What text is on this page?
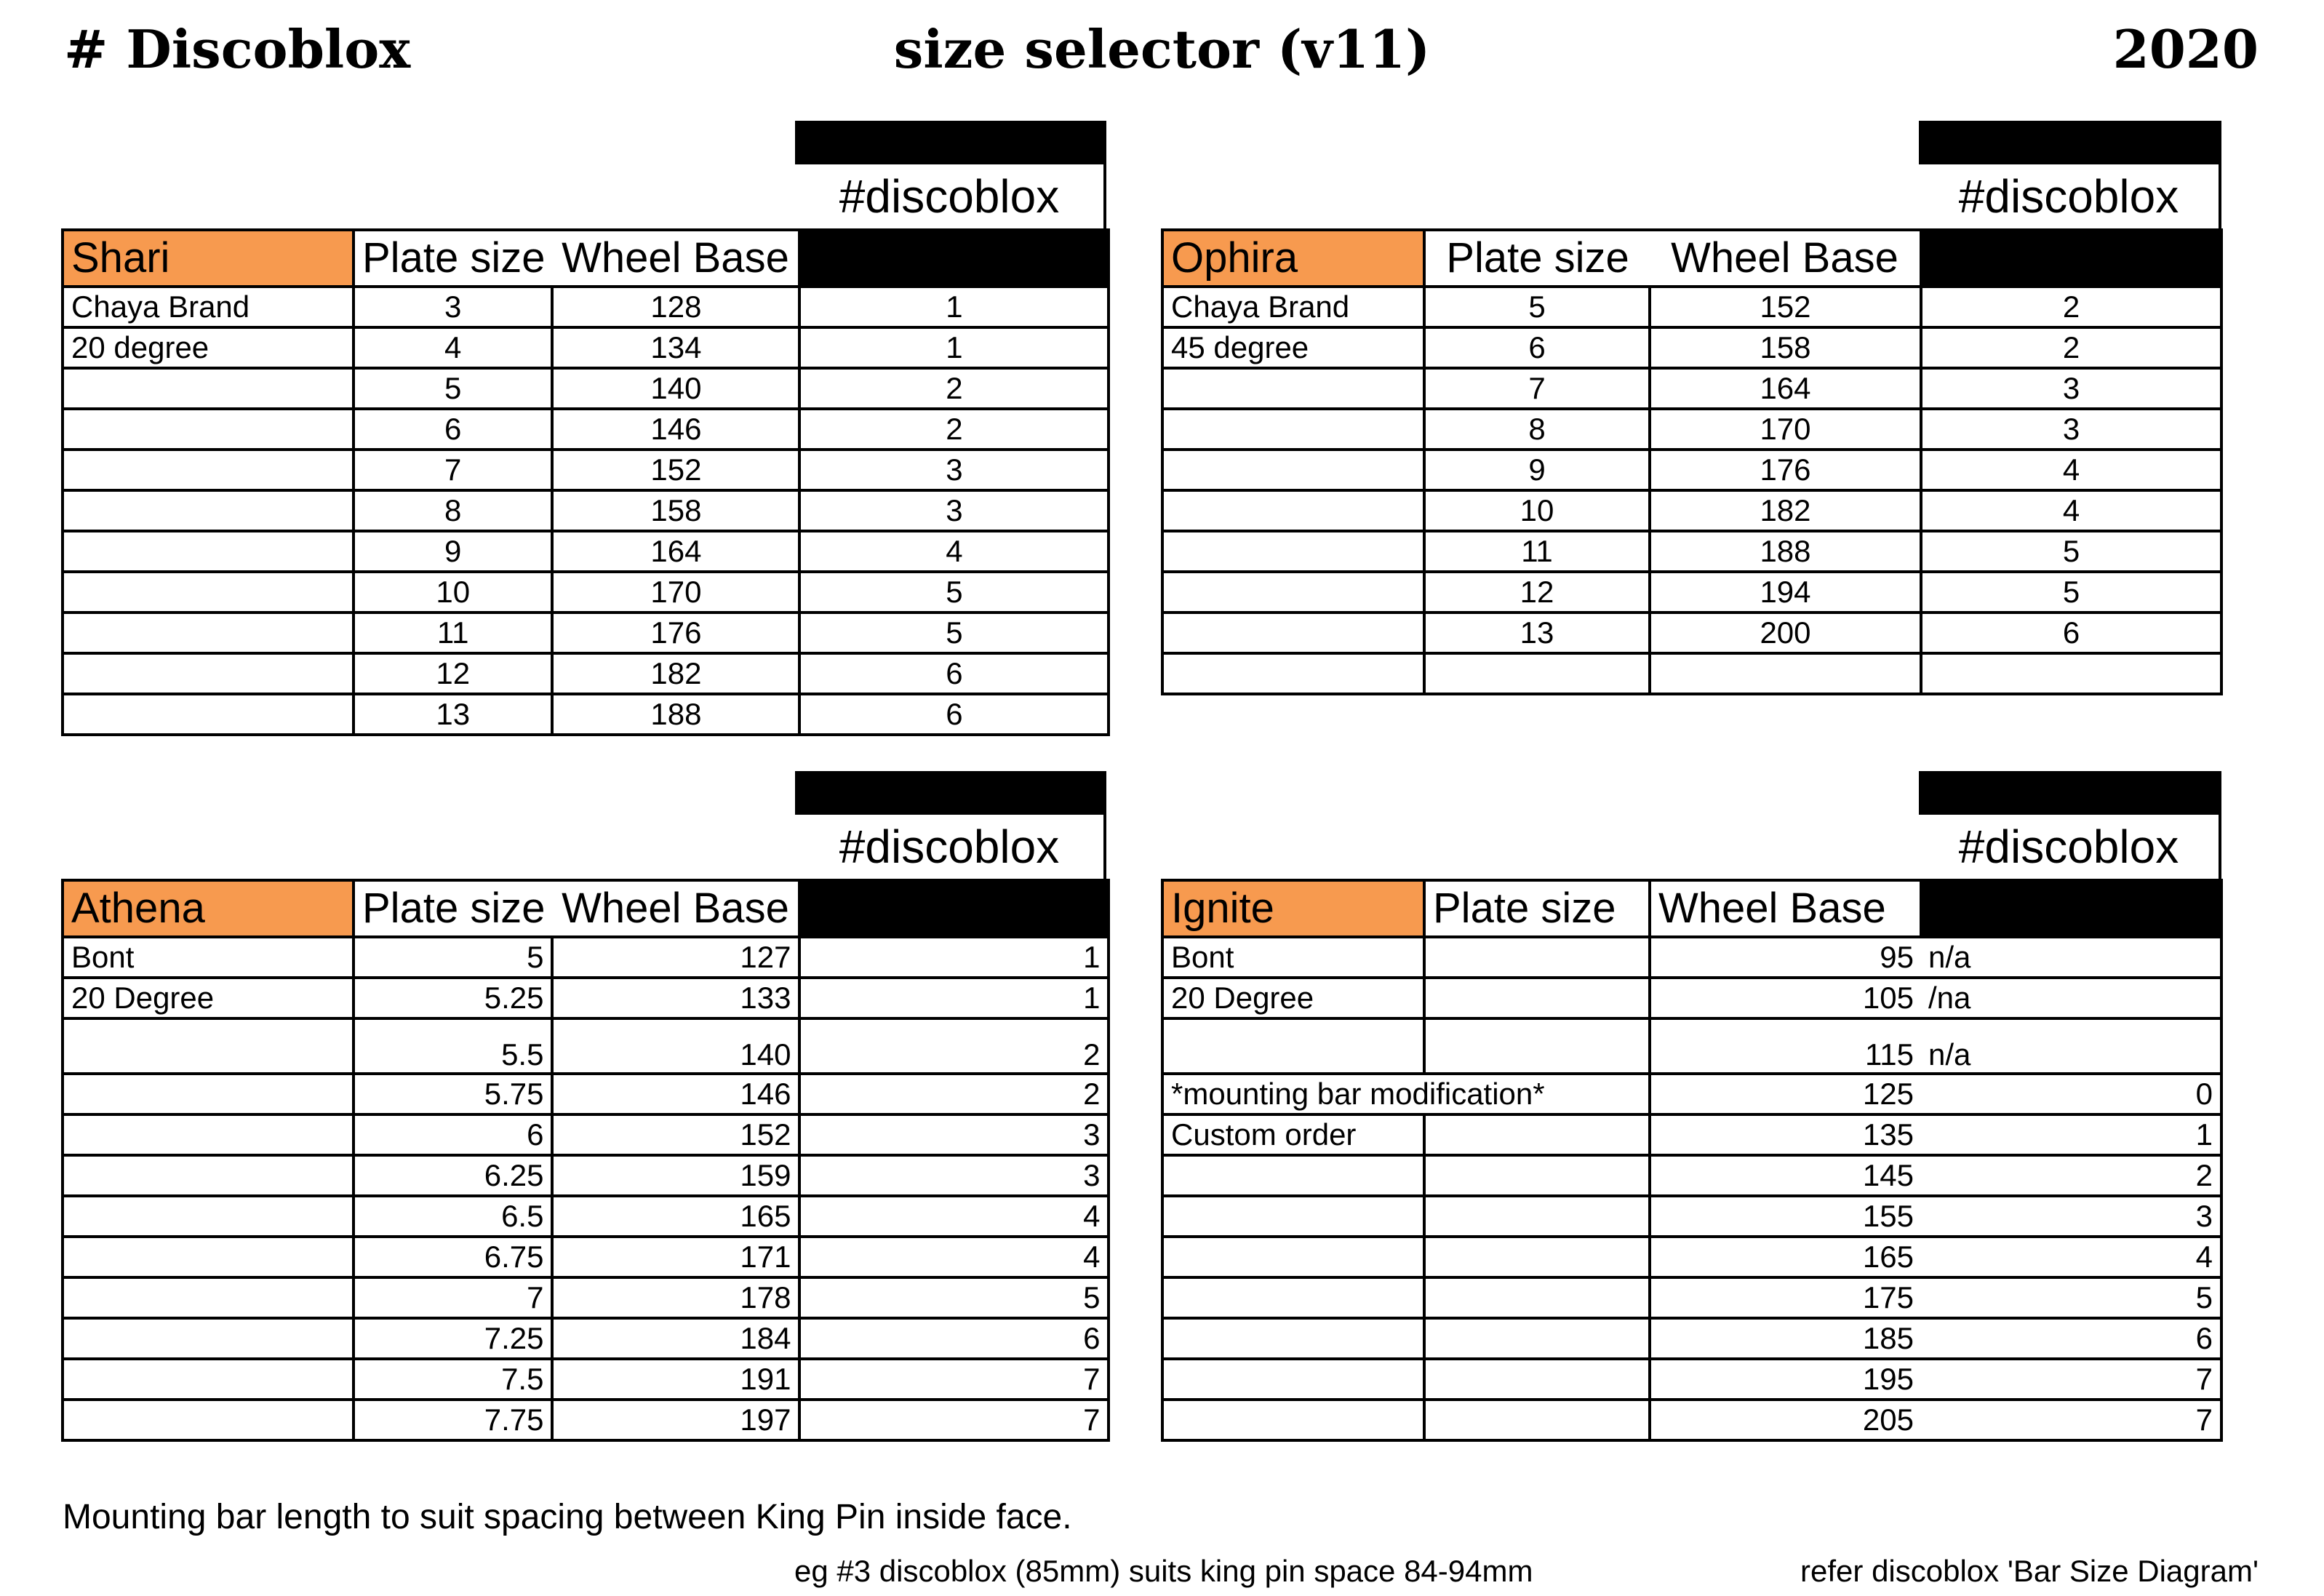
# Discoblox	size selector (v11)	2020
#discoblox	#discoblox
#discoblox	#discoblox
Shari	Plate size	Wheel Base	
Chaya Brand	3	128	1
20 degree	4	134	1
	5	140	2
	6	146	2
	7	152	3
	8	158	3
	9	164	4
	10	170	5
	11	176	5
	12	182	6
	13	188	6
Ophira	Plate size	Wheel Base	
Chaya Brand	5	152	2
45 degree	6	158	2
	7	164	3
	8	170	3
	9	176	4
	10	182	4
	11	188	5
	12	194	5
	13	200	6

Athena	Plate size	Wheel Base	
Bont	5	127	1
20 Degree	5.25	133	1
	5.5	140	2
	5.75	146	2
	6	152	3
	6.25	159	3
	6.5	165	4
	6.75	171	4
	7	178	5
	7.25	184	6
	7.5	191	7
	7.75	197	7
Ignite	Plate size	Wheel Base	
Bont		95	n/a
20 Degree		105	/na
		115	n/a
*mounting bar modification*		125	0
Custom order		135	1
		145	2
		155	3
		165	4
		175	5
		185	6
		195	7
		205	7
Mounting bar length to suit spacing between King Pin inside face.
eg #3 discoblox (85mm) suits king pin space 84-94mm	refer discoblox 'Bar Size Diagram'
